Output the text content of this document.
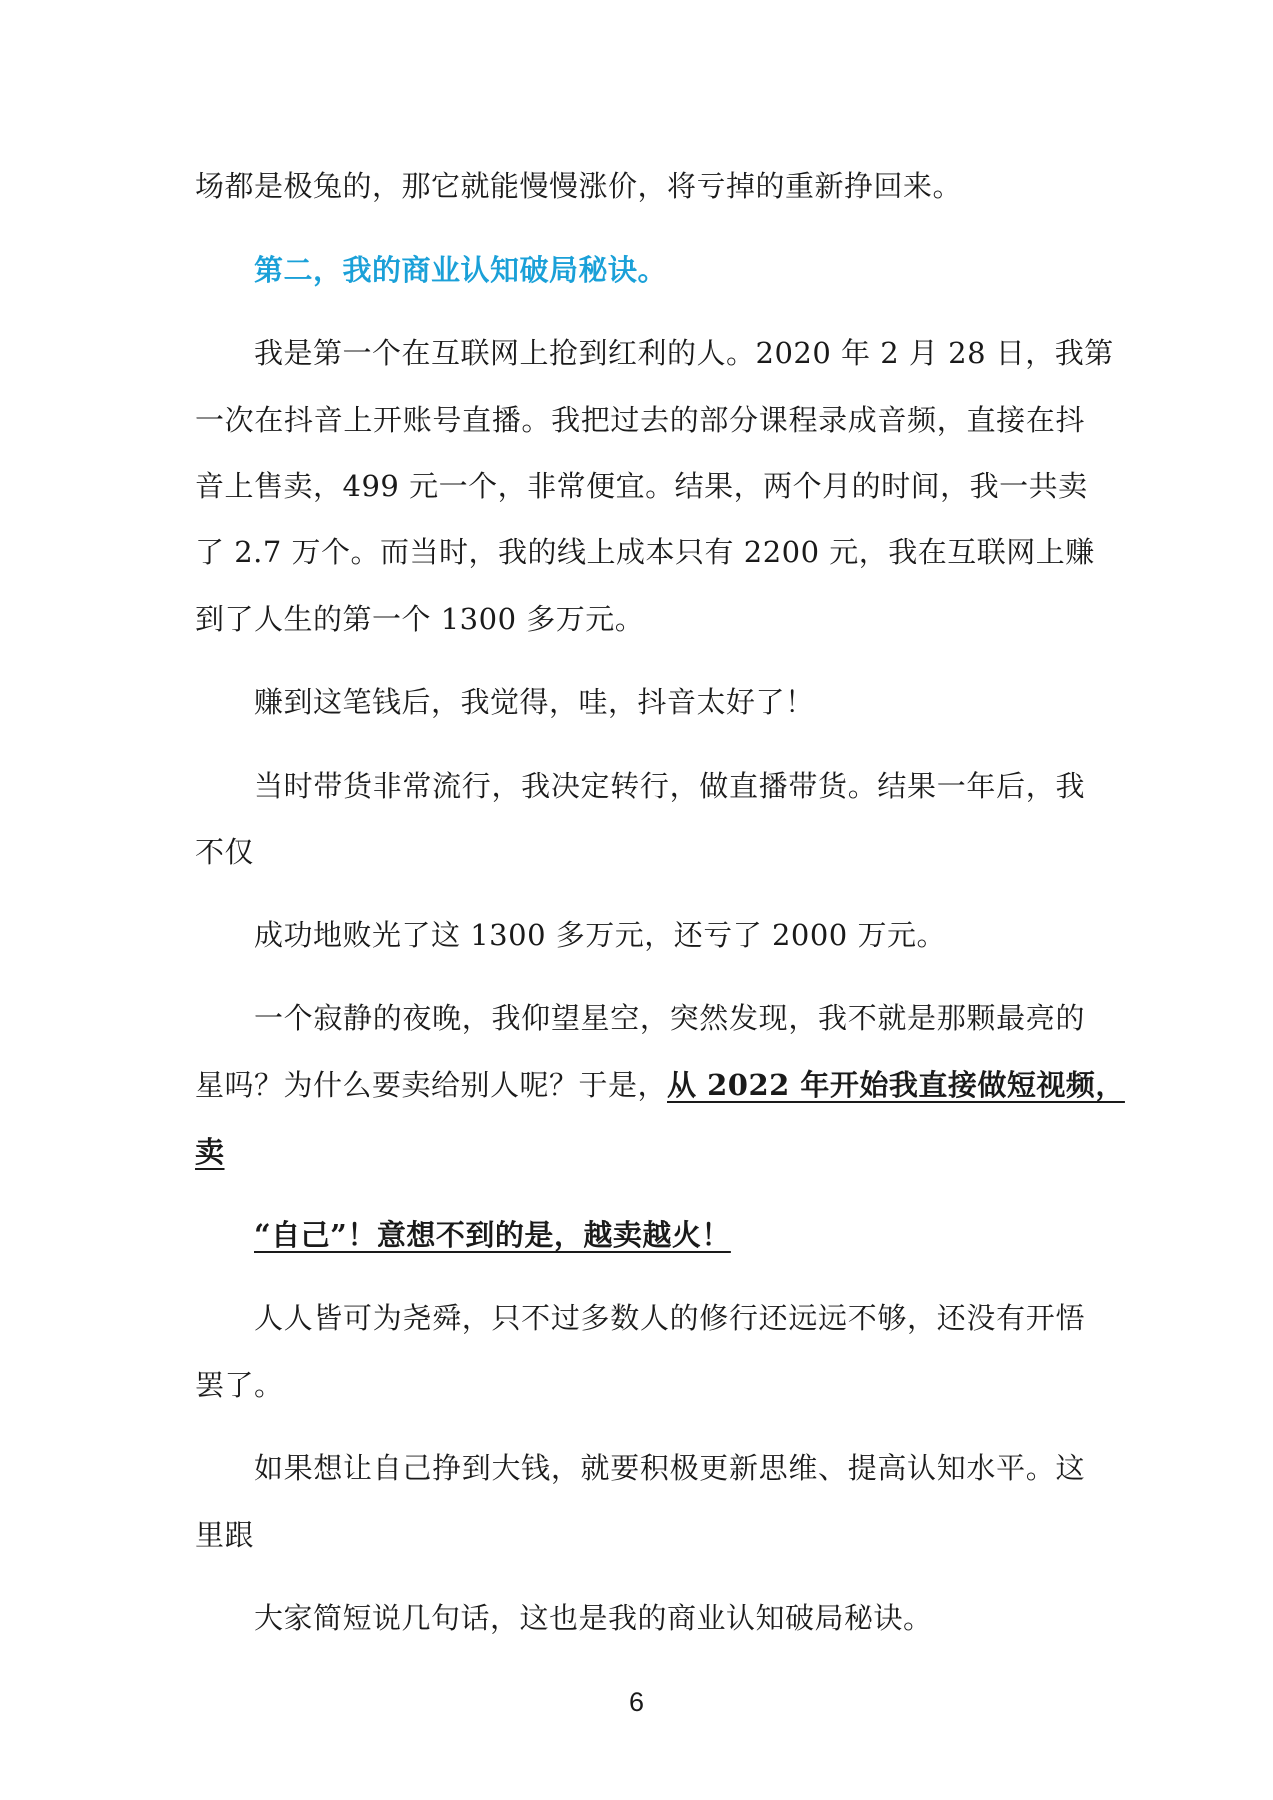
场都是极兔的，那它就能慢慢涨价，将亏掉的重新挣回来。
第二，我的商业认知破局秘诀。
我是第一个在互联网上抢到红利的人。2020 年 2 月 28 日，我第
一次在抖音上开账号直播。我把过去的部分课程录成音频，直接在抖
音上售卖，499 元一个，非常便宜。结果，两个月的时间，我一共卖
了 2.7 万个。而当时，我的线上成本只有 2200 元，我在互联网上赚
到了人生的第一个 1300 多万元。
赚到这笔钱后，我觉得，哇，抖音太好了！
当时带货非常流行，我决定转行，做直播带货。结果一年后，我
不仅
成功地败光了这 1300 多万元，还亏了 2000 万元。
一个寂静的夜晚，我仰望星空，突然发现，我不就是那颗最亮的
星吗？为什么要卖给别人呢？于是，从 2022 年开始我直接做短视频，
卖
“自己”！意想不到的是，越卖越火！
人人皆可为尧舜，只不过多数人的修行还远远不够，还没有开悟
罢了。
如果想让自己挣到大钱，就要积极更新思维、提高认知水平。这
里跟
大家简短说几句话，这也是我的商业认知破局秘诀。
6
